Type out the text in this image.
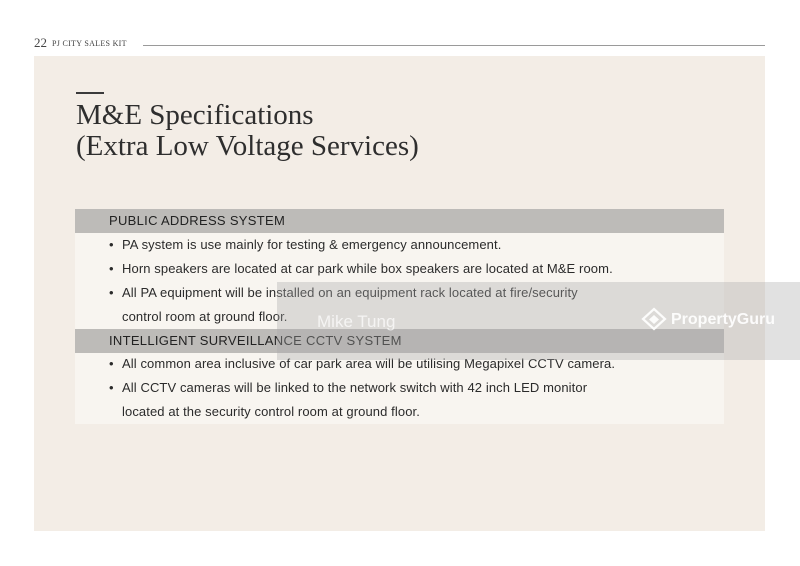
22 PJ CITY SALES KIT
M&E Specifications
(Extra Low Voltage Services)
PUBLIC ADDRESS SYSTEM
• PA system is use mainly for testing & emergency announcement.
• Horn speakers are located at car park while box speakers are located at M&E room.
• All PA equipment will be installed on an equipment rack located at fire/security
control room at ground floor.
INTELLIGENT SURVEILLANCE CCTV SYSTEM
• All common area inclusive of car park area will be utilising Megapixel CCTV camera.
• All CCTV cameras will be linked to the network switch with 42 inch LED monitor
located at the security control room at ground floor.
Mike Tung	PropertyGuru
